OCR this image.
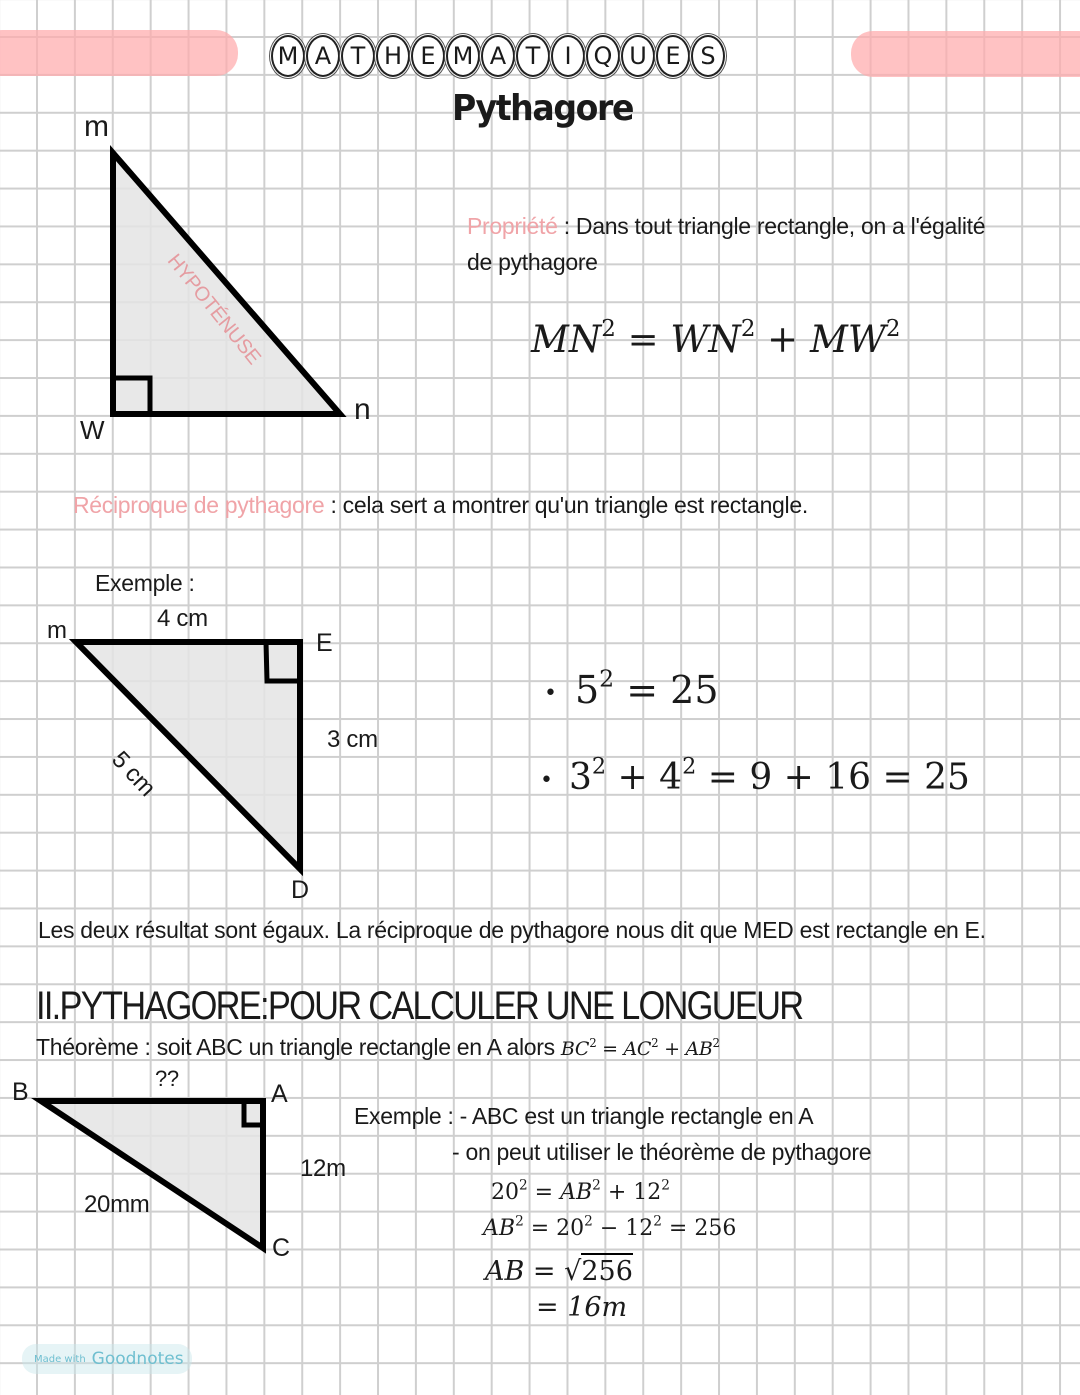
M A T H E M A T	I Q U E S
Pythagore
m
W
n
HYPOTÉNUSE
Propriété : Dans tout triangle rectangle, on a l'égalité
de pythagore
$MN^2 = WN^2 + MW^2$
Réciproque de pythagore : cela sert a montrer qu'un triangle est rectangle.
Exemple :
m	E
D
4 cm
3 cm
5 cm
• $5^2 = 25$
• $3^2 + 4^2 = 9 + 16 = 25$
Les deux résultat sont égaux. La réciproque de pythagore nous dit que MED est rectangle en E.
II.PYTHAGORE:POUR CALCULER UNE LONGUEUR
Théorème : soit ABC un triangle rectangle en A alors $BC^2 = AC^2 + AB^2$
B	A
C
??
12m
20mm
Exemple : - ABC est un triangle rectangle en A
- on peut utiliser le théorème de pythagore
$20^2 = AB^2 + 12^2$
$AB^2 = 20^2 - 12^2 = 256$
AB = √256
= 16m
Made with Goodnotes
